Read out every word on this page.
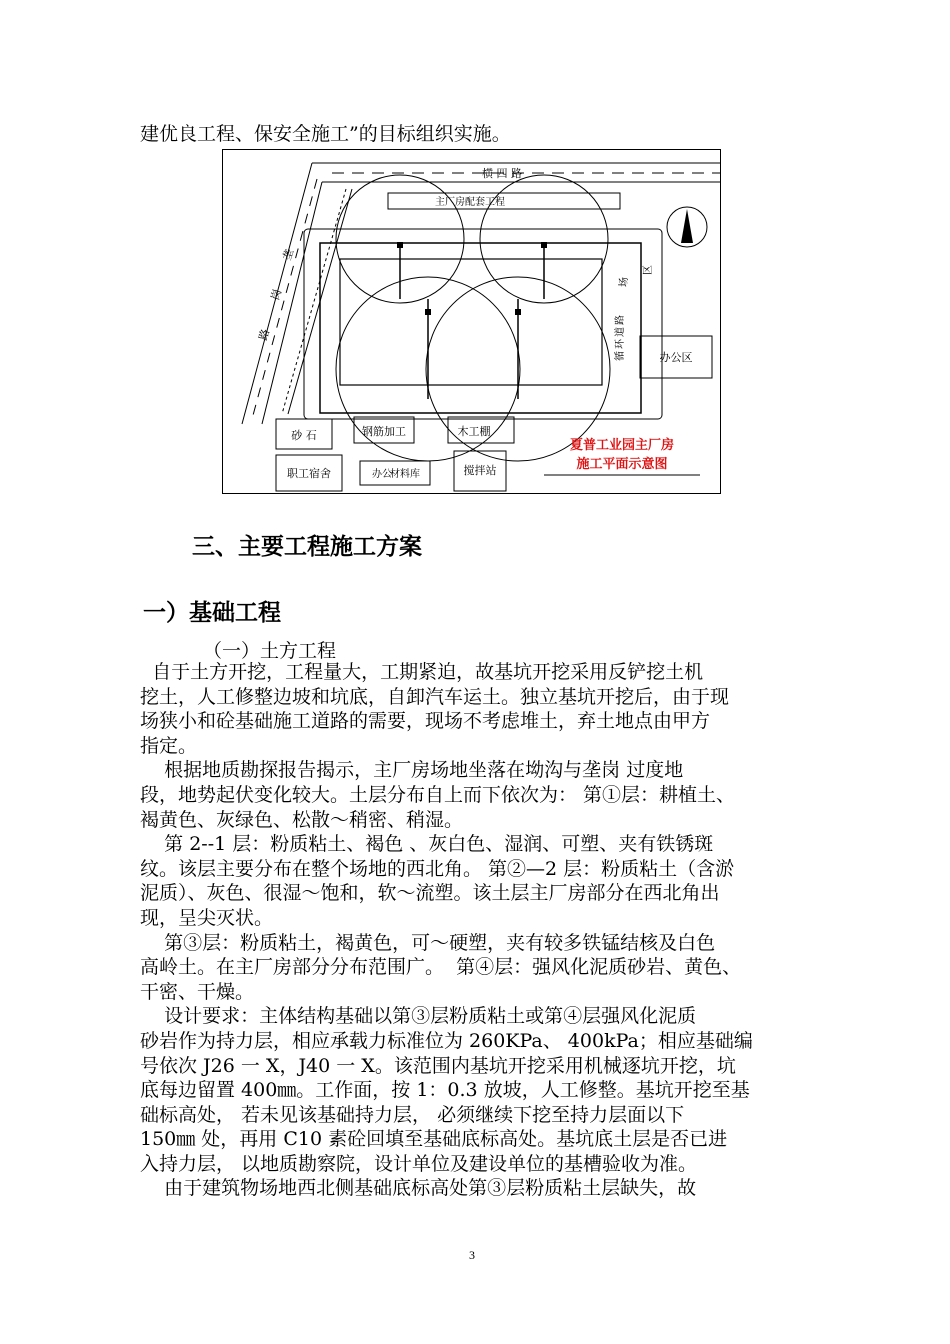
建优良工程、保安全施工”的目标组织实施。
横 四 路
垄
岗
路
主厂房配套工程
场
区
循
环
道
路
办公区
砂 石	钢筋加工	木工棚
职工宿舍	办公
材料库	搅拌站
夏普工业园主厂房
施工平面示意图
三、主要工程施工方案
一）基础工程
（一）土方工程
自于土方开挖，工程量大，工期紧迫，故基坑开挖采用反铲挖土机
挖土，人工修整边坡和坑底，自卸汽车运土。独立基坑开挖后，由于现
场狭小和砼基础施工道路的需要，现场不考虑堆土，弃土地点由甲方
指定。
根据地质勘探报告揭示，主厂房场地坐落在坳沟与垄岗 过度地
段，地势起伏变化较大。土层分布自上而下依次为： 第①层：耕植土、
褐黄色、灰绿色、松散～稍密、稍湿。
第 2--1 层：粉质粘土、褐色 、灰白色、湿润、可塑、夹有铁锈斑
纹。该层主要分布在整个场地的西北角。 第②—2 层：粉质粘土（含淤
泥质）、灰色、很湿～饱和，软～流塑。该土层主厂房部分在西北角出
现，呈尖灭状。
第③层：粉质粘土，褐黄色，可～硬塑，夹有较多铁锰结核及白色
高岭土。在主厂房部分分布范围广。  第④层：强风化泥质砂岩、黄色、
干密、干燥。
设计要求：主体结构基础以第③层粉质粘土或第④层强风化泥质
砂岩作为持力层，相应承载力标准位为 260KPa、 400kPa；相应基础编
号依次 J26 一 X，J40 一 X。该范围内基坑开挖采用机械逐坑开挖，坑
底每边留置 400㎜。工作面，按 1：0.3 放坡，人工修整。基坑开挖至基
础标高处， 若未见该基础持力层， 必须继续下挖至持力层面以下
150㎜ 处，再用 C10 素砼回填至基础底标高处。基坑底土层是否已进
入持力层， 以地质勘察院，设计单位及建设单位的基槽验收为准。
由于建筑物场地西北侧基础底标高处第③层粉质粘土层缺失，故
3
